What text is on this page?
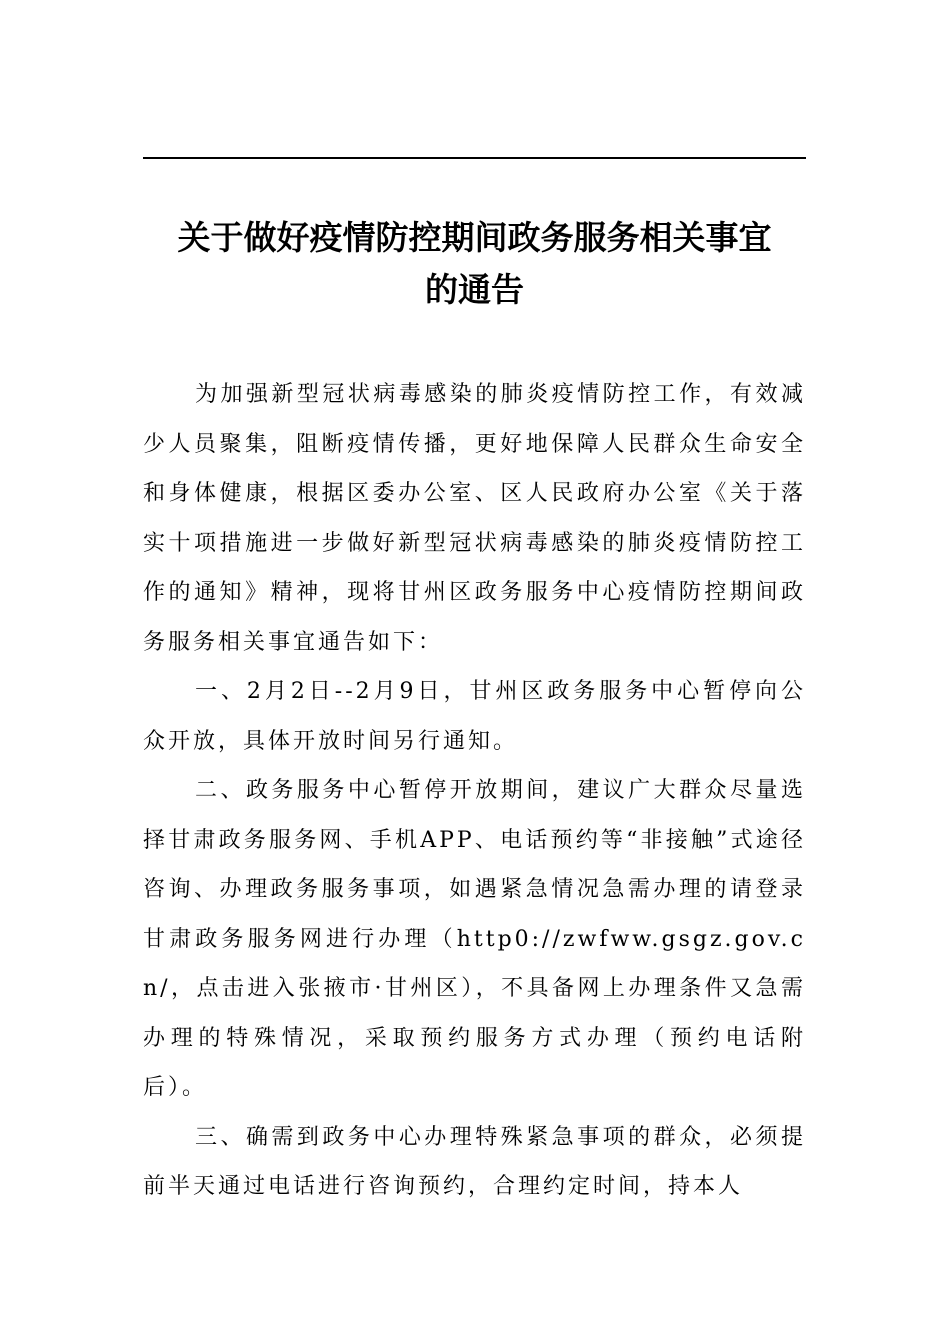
关于做好疫情防控期间政务服务相关事宜
的通告

为加强新型冠状病毒感染的肺炎疫情防控工作，有效减少人员聚集，阻断疫情传播，更好地保障人民群众生命安全和身体健康，根据区委办公室、区人民政府办公室《关于落实十项措施进一步做好新型冠状病毒感染的肺炎疫情防控工作的通知》精神，现将甘州区政务服务中心疫情防控期间政务服务相关事宜通告如下：

一、2月2日--2月9日，甘州区政务服务中心暂停向公众开放，具体开放时间另行通知。

二、政务服务中心暂停开放期间，建议广大群众尽量选择甘肃政务服务网、手机APP、电话预约等“非接触”式途径咨询、办理政务服务事项，如遇紧急情况急需办理的请登录甘肃政务服务网进行办理（http0://zwfww.gsgz.gov.cn/，点击进入张掖市·甘州区），不具备网上办理条件又急需办理的特殊情况，采取预约服务方式办理（预约电话附后）。

三、确需到政务中心办理特殊紧急事项的群众，必须提前半天通过电话进行咨询预约，合理约定时间，持本人
